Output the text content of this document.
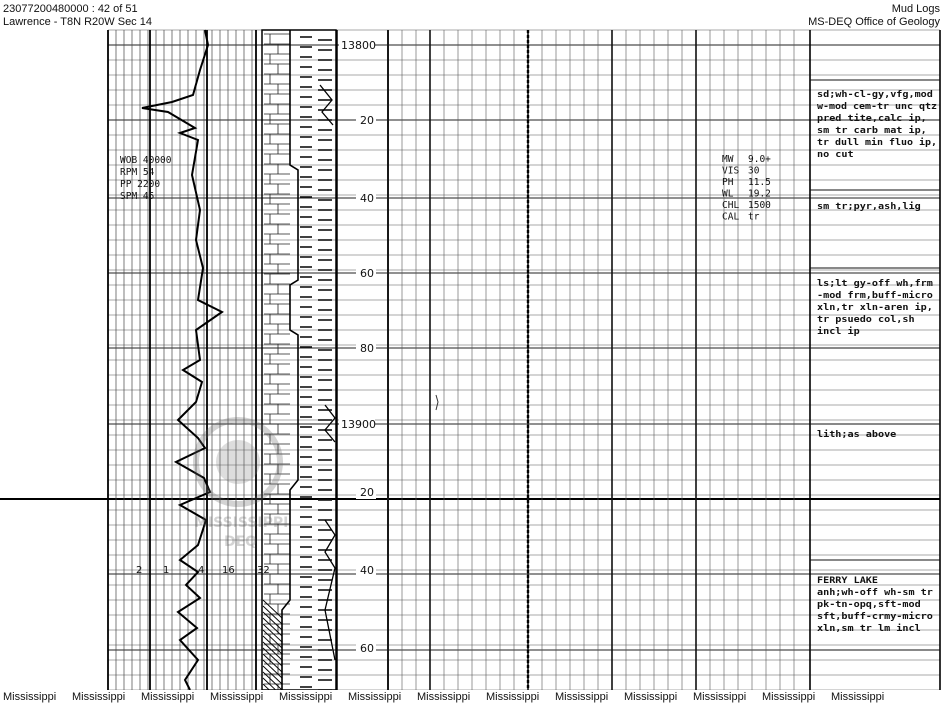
13800
20
40
60
80
13900
20
40
60
WOB 40000
RPM 54
PP 2200
SPM 45
MW 9.0+
VIS 30
PH 11.5
WL 19.2
CHL 1500
CAL tr
2 1	4 16 32
sd;wh-cl-gy,vfg,mod
w-mod cem-tr unc qtz
pred tite,calc ip,
sm tr carb mat ip,
tr dull min fluo ip,
no cut
sm tr;pyr,ash,lig
ls;lt gy-off wh,frm
-mod frm,buff-micro
xln,tr xln-aren ip,
tr psuedo col,sh
incl ip
lith;as above
FERRY LAKE
anh;wh-off wh-sm tr
pk-tn-opq,sft-mod
sft,buff-crmy-micro
xln,sm tr lm incl
MISSISSIPPI
DEQ
23077200480000 : 42 of 51
Lawrence - T8N R20W Sec 14
Mud Logs
MS-DEQ Office of Geology
Mississippi Mississippi Mississippi Mississippi Mississippi Mississippi Mississippi Mississippi Mississippi Mississippi Mississippi Mississippi Mississippi
